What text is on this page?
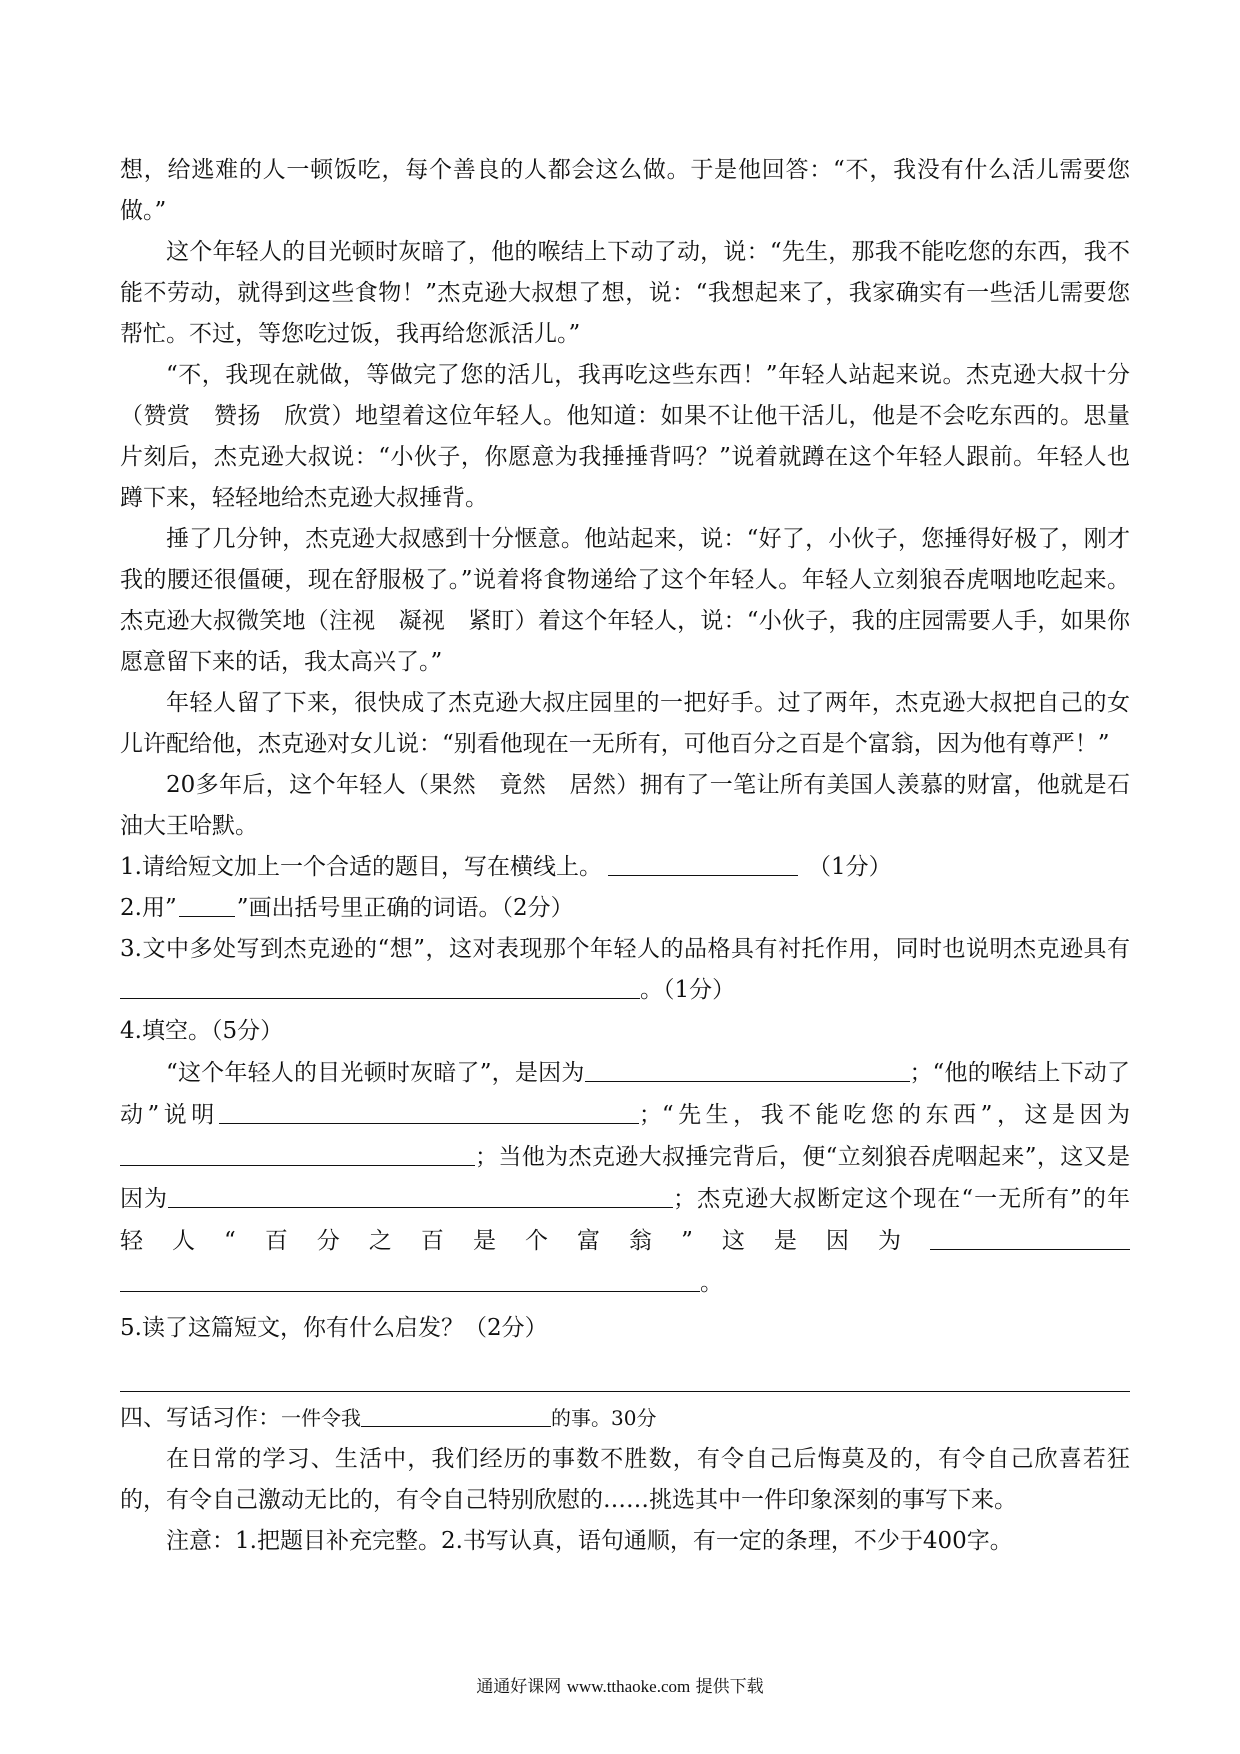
想，给逃难的人一顿饭吃，每个善良的人都会这么做。于是他回答：“不，我没有什么活儿需要您做。”

这个年轻人的目光顿时灰暗了，他的喉结上下动了动，说：“先生，那我不能吃您的东西，我不能不劳动，就得到这些食物！”杰克逊大叔想了想，说：“我想起来了，我家确实有一些活儿需要您帮忙。不过，等您吃过饭，我再给您派活儿。”

“不，我现在就做，等做完了您的活儿，我再吃这些东西！”年轻人站起来说。杰克逊大叔十分（赞赏　赞扬　欣赏）地望着这位年轻人。他知道：如果不让他干活儿，他是不会吃东西的。思量片刻后，杰克逊大叔说：“小伙子，你愿意为我捶捶背吗？”说着就蹲在这个年轻人跟前。年轻人也蹲下来，轻轻地给杰克逊大叔捶背。

捶了几分钟，杰克逊大叔感到十分惬意。他站起来，说：“好了，小伙子，您捶得好极了，刚才我的腰还很僵硬，现在舒服极了。”说着将食物递给了这个年轻人。年轻人立刻狼吞虎咽地吃起来。杰克逊大叔微笑地（注视　凝视　紧盯）着这个年轻人，说：“小伙子，我的庄园需要人手，如果你愿意留下来的话，我太高兴了。”

年轻人留了下来，很快成了杰克逊大叔庄园里的一把好手。过了两年，杰克逊大叔把自己的女儿许配给他，杰克逊对女儿说：“别看他现在一无所有，可他百分之百是个富翁，因为他有尊严！”

20多年后，这个年轻人（果然　竟然　居然）拥有了一笔让所有美国人羡慕的财富，他就是石油大王哈默。

1.请给短文加上一个合适的题目，写在横线上。	（1分）

2.用”	”画出括号里正确的词语。（2分）

3.文中多处写到杰克逊的“想”，这对表现那个年轻人的品格具有衬托作用，同时也说明杰克逊具有。（1分）

4.填空。（5分）

“这个年轻人的目光顿时灰暗了”，是因为	；“他的喉结上下动了动”说明	；“先生，我不能吃您的东西”，这是因为；当他为杰克逊大叔捶完背后，便“立刻狼吞虎咽起来”，这又是因为	；杰克逊大叔断定这个现在“一无所有”的年轻人“百分之百是个富翁”这是因为。

5.读了这篇短文，你有什么启发？（2分）

四、写话习作：一件令我	的事。30分

在日常的学习、生活中，我们经历的事数不胜数，有令自己后悔莫及的，有令自己欣喜若狂的，有令自己激动无比的，有令自己特别欣慰的……挑选其中一件印象深刻的事写下来。

注意：1.把题目补充完整。2.书写认真，语句通顺，有一定的条理，不少于400字。

通通好课网 www.tthaoke.com 提供下载
